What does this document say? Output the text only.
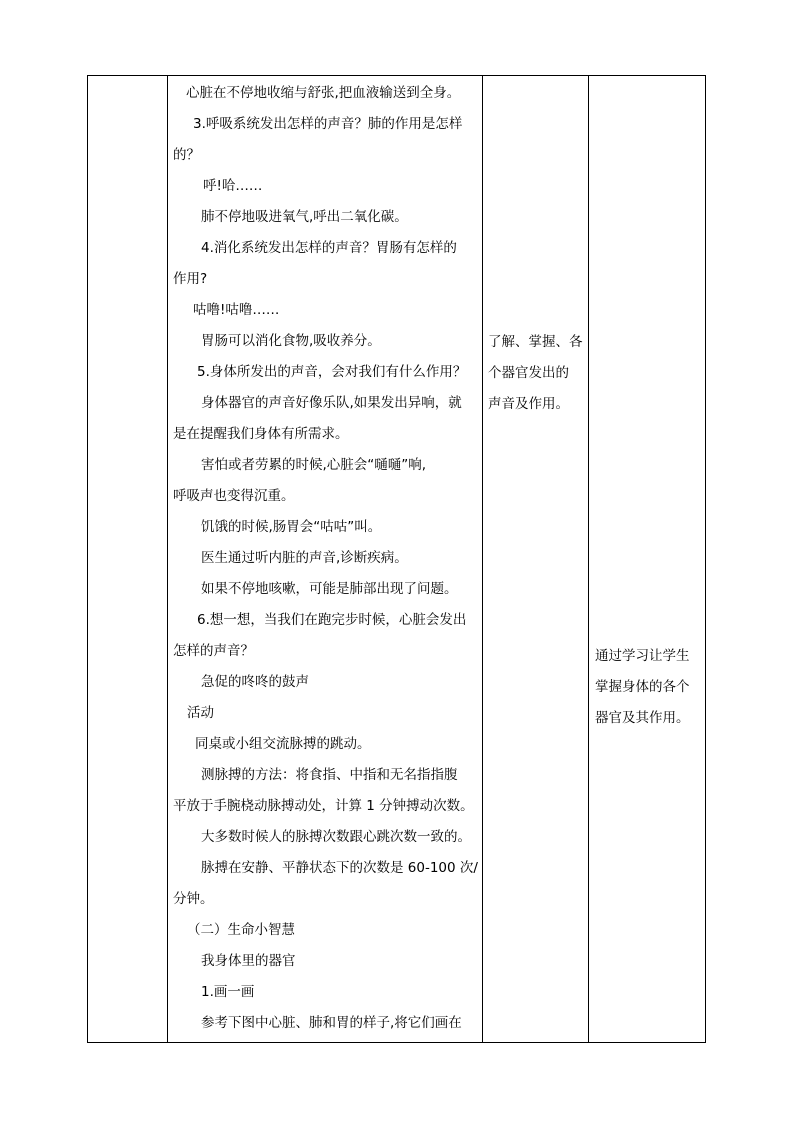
心脏在不停地收缩与舒张,把血液输送到全身。
3.呼吸系统发出怎样的声音？肺的作用是怎样
的？
呼!哈……
肺不停地吸进氧气,呼出二氧化碳。
4.消化系统发出怎样的声音？胃肠有怎样的
作用?
咕噜!咕噜……
胃肠可以消化食物,吸收养分。
5.身体所发出的声音，会对我们有什么作用？
身体器官的声音好像乐队,如果发出异响，就
是在提醒我们身体有所需求。
害怕或者劳累的时候,心脏会“嗵嗵”响,
呼吸声也变得沉重。
饥饿的时候,肠胃会“咕咕”叫。
医生通过听内脏的声音,诊断疾病。
如果不停地咳嗽，可能是肺部出现了问题。
6.想一想，当我们在跑完步时候，心脏会发出
怎样的声音？
急促的咚咚的鼓声
活动
同桌或小组交流脉搏的跳动。
测脉搏的方法：将食指、中指和无名指指腹
平放于手腕桡动脉搏动处，计算 1 分钟搏动次数。
大多数时候人的脉搏次数跟心跳次数一致的。
脉搏在安静、平静状态下的次数是 60-100 次/
分钟。
（二）生命小智慧
我身体里的器官
1.画一画
参考下图中心脏、肺和胃的样子,将它们画在
了解、掌握、各
个器官发出的
声音及作用。
通过学习让学生
掌握身体的各个
器官及其作用。
